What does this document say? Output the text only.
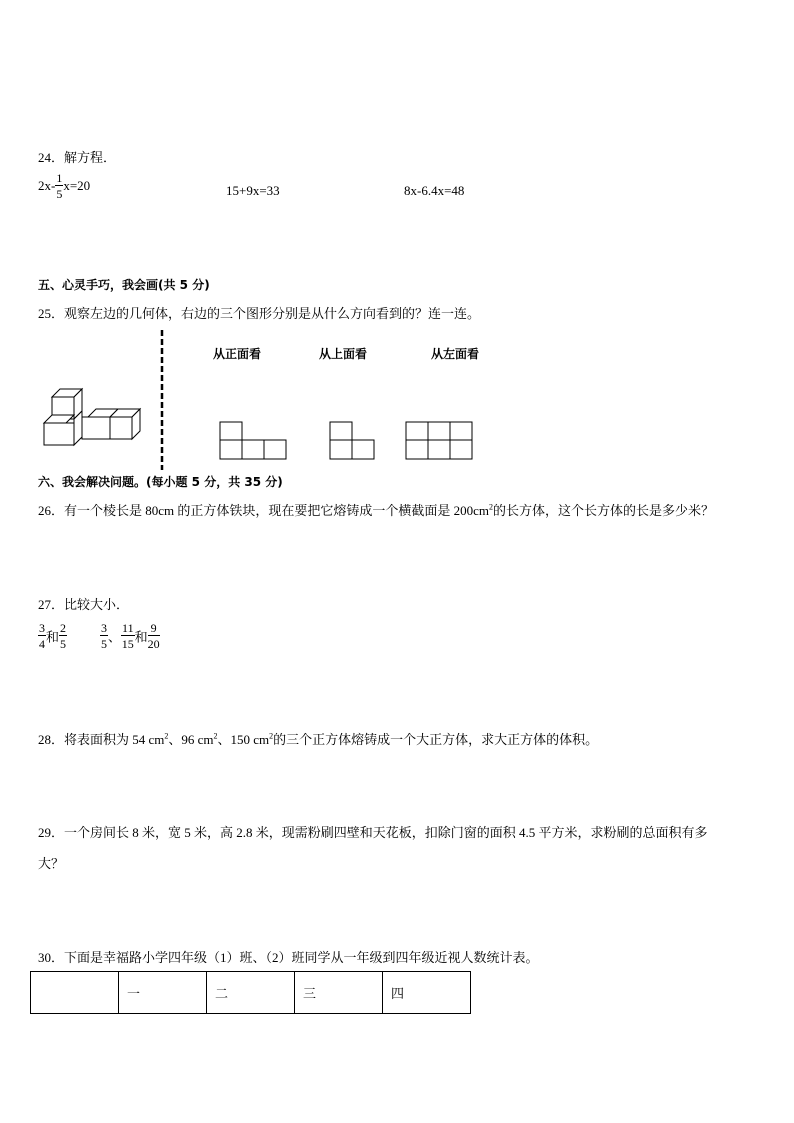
24．解方程．
$2x- \frac{1}{5} x=20$	15+9x=33	8x-6.4x=48
五、心灵手巧，我会画(共 5 分)
25．观察左边的几何体，右边的三个图形分别是从什么方向看到的？连一连。
从正面看	从上面看	从左面看
六、我会解决问题。(每小题 5 分，共 35 分)
26．有一个棱长是 80cm 的正方体铁块，现在要把它熔铸成一个横截面是 $200cm^2$的长方体，这个长方体的长是多少米？
27．比较大小．
$\frac{3}{4}$ 和 $\frac{2}{5}$	$\frac{3}{5}$ 、 $\frac{11}{15}$ 和 $\frac{9}{20}$
28．将表面积为 54 $cm^2$、96 $cm^2$、150 $cm^2$的三个正方体熔铸成一个大正方体，求大正方体的体积。
29．一个房间长 8 米，宽 5 米，高 2.8 米，现需粉刷四壁和天花板，扣除门窗的面积 4.5 平方米，求粉刷的总面积有多
大？
30．下面是幸福路小学四年级（1）班、（2）班同学从一年级到四年级近视人数统计表。
	一	二	三	四
